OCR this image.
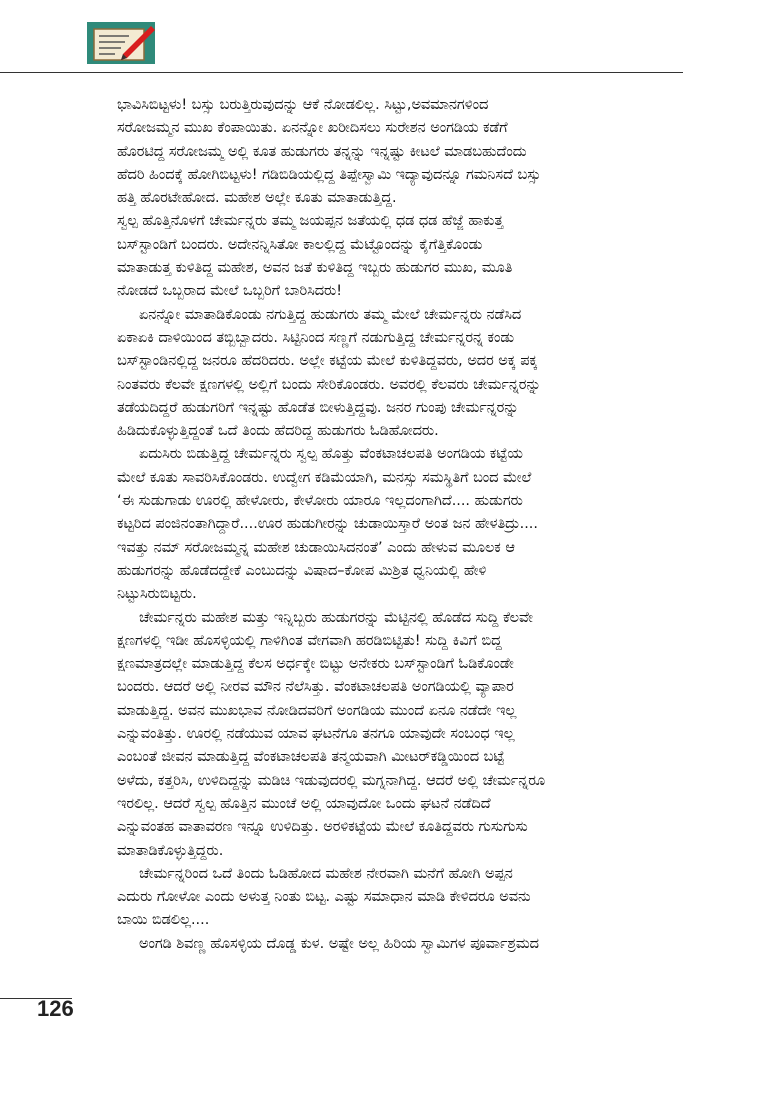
ಭಾವಿಸಿಬಿಟ್ಟಳು! ಬಸ್ಸು ಬರುತ್ತಿರುವುದನ್ನು ಆಕೆ ನೋಡಲಿಲ್ಲ. ಸಿಟ್ಟು,ಅವಮಾನಗಳಿಂದ
ಸರೋಜಮ್ಮನ ಮುಖ ಕೆಂಪಾಯಿತು. ಏನನ್ನೋ ಖರೀದಿಸಲು ಸುರೇಶನ ಅಂಗಡಿಯ ಕಡೆಗೆ
ಹೊರಟಿದ್ದ ಸರೋಜಮ್ಮ ಅಲ್ಲಿ ಕೂತ ಹುಡುಗರು ತನ್ನನ್ನು ಇನ್ನಷ್ಟು ಕೀಟಲೆ ಮಾಡಬಹುದೆಂದು
ಹೆದರಿ ಹಿಂದಕ್ಕೆ ಹೋಗಿಬಿಟ್ಟಳು! ಗಡಿಬಿಡಿಯಲ್ಲಿದ್ದ ತಿಪ್ಪೇಸ್ವಾಮಿ ಇದ್ಯಾವುದನ್ನೂ ಗಮನಿಸದೆ ಬಸ್ಸು
ಹತ್ತಿ ಹೊರಟೇಹೋದ. ಮಹೇಶ ಅಲ್ಲೇ ಕೂತು ಮಾತಾಡುತ್ತಿದ್ದ.
ಸ್ವಲ್ಪ ಹೊತ್ತಿನೊಳಗೆ ಚೇರ್ಮನ್ನರು ತಮ್ಮ ಜಯಪ್ಪನ ಜತೆಯಲ್ಲಿ ಧಡ ಧಡ ಹೆಜ್ಜೆ ಹಾಕುತ್ತ
ಬಸ್‌ಸ್ಟಾಂಡಿಗೆ ಬಂದರು. ಅದೇನನ್ನಿಸಿತೋ ಕಾಲಲ್ಲಿದ್ದ ಮೆಟ್ಟೊಂದನ್ನು ಕೈಗೆತ್ತಿಕೊಂಡು
ಮಾತಾಡುತ್ತ ಕುಳಿತಿದ್ದ ಮಹೇಶ, ಅವನ ಜತೆ ಕುಳಿತಿದ್ದ ಇಬ್ಬರು ಹುಡುಗರ ಮುಖ, ಮೂತಿ
ನೋಡದೆ ಒಬ್ಬರಾದ ಮೇಲೆ ಒಬ್ಬರಿಗೆ ಬಾರಿಸಿದರು!
ಏನನ್ನೋ ಮಾತಾಡಿಕೊಂಡು ನಗುತ್ತಿದ್ದ ಹುಡುಗರು ತಮ್ಮ ಮೇಲೆ ಚೇರ್ಮನ್ನರು ನಡೆಸಿದ
ಏಕಾಏಕಿ ದಾಳಿಯಿಂದ ತಬ್ಬಿಬ್ಬಾದರು. ಸಿಟ್ಟಿನಿಂದ ಸಣ್ಣಗೆ ನಡುಗುತ್ತಿದ್ದ ಚೇರ್ಮನ್ನರನ್ನ ಕಂಡು
ಬಸ್‌ಸ್ಟಾಂಡಿನಲ್ಲಿದ್ದ ಜನರೂ ಹೆದರಿದರು. ಅಲ್ಲೇ ಕಟ್ಟೆಯ ಮೇಲೆ ಕುಳಿತಿದ್ದವರು, ಅದರ ಅಕ್ಕ ಪಕ್ಕ
ನಿಂತವರು ಕೆಲವೇ ಕ್ಷಣಗಳಲ್ಲಿ ಅಲ್ಲಿಗೆ ಬಂದು ಸೇರಿಕೊಂಡರು. ಅವರಲ್ಲಿ ಕೆಲವರು ಚೇರ್ಮನ್ನರನ್ನು
ತಡೆಯದಿದ್ದರೆ ಹುಡುಗರಿಗೆ ಇನ್ನಷ್ಟು ಹೊಡೆತ ಬೀಳುತ್ತಿದ್ದವು. ಜನರ ಗುಂಪು ಚೇರ್ಮನ್ನರನ್ನು
ಹಿಡಿದುಕೊಳ್ಳುತ್ತಿದ್ದಂತೆ ಒದೆ ತಿಂದು ಹೆದರಿದ್ದ ಹುಡುಗರು ಓಡಿಹೋದರು.
ಏದುಸಿರು ಬಿಡುತ್ತಿದ್ದ ಚೇರ್ಮನ್ನರು ಸ್ವಲ್ಪ ಹೊತ್ತು ವೆಂಕಟಾಚಲಪತಿ ಅಂಗಡಿಯ ಕಟ್ಟೆಯ
ಮೇಲೆ ಕೂತು ಸಾವರಿಸಿಕೊಂಡರು. ಉದ್ವೇಗ ಕಡಿಮೆಯಾಗಿ, ಮನಸ್ಸು ಸಮಸ್ಥಿತಿಗೆ ಬಂದ ಮೇಲೆ
‘ಈ ಸುಡುಗಾಡು ಊರಲ್ಲಿ ಹೇಳೋರು, ಕೇಳೋರು ಯಾರೂ ಇಲ್ಲದಂಗಾಗಿದೆ.... ಹುಡುಗರು
ಕಟ್ಟರಿದ ಪಂಜಿನಂತಾಗಿದ್ದಾರೆ....ಊರ ಹುಡುಗೀರನ್ನು ಚುಡಾಯಿಸ್ತಾರೆ ಅಂತ ಜನ ಹೇಳತಿದ್ರು....
ಇವತ್ತು ನಮ್ ಸರೋಜಮ್ಮನ್ನ ಮಹೇಶ ಚುಡಾಯಿಸಿದನಂತೆ’ ಎಂದು ಹೇಳುವ ಮೂಲಕ ಆ
ಹುಡುಗರನ್ನು ಹೊಡೆದದ್ದೇಕೆ ಎಂಬುದನ್ನು ವಿಷಾದ–ಕೋಪ ಮಿಶ್ರಿತ ಧ್ವನಿಯಲ್ಲಿ ಹೇಳಿ
ನಿಟ್ಟುಸಿರುಬಿಟ್ಟರು.
ಚೇರ್ಮನ್ನರು ಮಹೇಶ ಮತ್ತು ಇನ್ನಿಬ್ಬರು ಹುಡುಗರನ್ನು ಮೆಟ್ಟಿನಲ್ಲಿ ಹೊಡೆದ ಸುದ್ದಿ ಕೆಲವೇ
ಕ್ಷಣಗಳಲ್ಲಿ ಇಡೀ ಹೊಸಳ್ಳಿಯಲ್ಲಿ ಗಾಳಿಗಿಂತ ವೇಗವಾಗಿ ಹರಡಿಬಿಟ್ಟಿತು! ಸುದ್ದಿ ಕಿವಿಗೆ ಬಿದ್ದ
ಕ್ಷಣಮಾತ್ರದಲ್ಲೇ ಮಾಡುತ್ತಿದ್ದ ಕೆಲಸ ಅರ್ಧಕ್ಕೇ ಬಿಟ್ಟು ಅನೇಕರು ಬಸ್‌ಸ್ಟಾಂಡಿಗೆ ಓಡಿಕೊಂಡೇ
ಬಂದರು. ಆದರೆ ಅಲ್ಲಿ ನೀರವ ಮೌನ ನೆಲೆಸಿತ್ತು. ವೆಂಕಟಾಚಲಪತಿ ಅಂಗಡಿಯಲ್ಲಿ ವ್ಯಾಪಾರ
ಮಾಡುತ್ತಿದ್ದ. ಅವನ ಮುಖಭಾವ ನೋಡಿದವರಿಗೆ ಅಂಗಡಿಯ ಮುಂದೆ ಏನೂ ನಡೆದೇ ಇಲ್ಲ
ಎನ್ನುವಂತಿತ್ತು. ಊರಲ್ಲಿ ನಡೆಯುವ ಯಾವ ಘಟನೆಗೂ ತನಗೂ ಯಾವುದೇ ಸಂಬಂಧ ಇಲ್ಲ
ಎಂಬಂತೆ ಜೀವನ ಮಾಡುತ್ತಿದ್ದ ವೆಂಕಟಾಚಲಪತಿ ತನ್ಮಯವಾಗಿ ಮೀಟರ್‌ಕಡ್ಡಿಯಿಂದ ಬಟ್ಟೆ
ಅಳೆದು, ಕತ್ತರಿಸಿ, ಉಳಿದಿದ್ದನ್ನು ಮಡಿಚಿ ಇಡುವುದರಲ್ಲಿ ಮಗ್ನನಾಗಿದ್ದ. ಆದರೆ ಅಲ್ಲಿ ಚೇರ್ಮನ್ನರೂ
ಇರಲಿಲ್ಲ. ಆದರೆ ಸ್ವಲ್ಪ ಹೊತ್ತಿನ ಮುಂಚೆ ಅಲ್ಲಿ ಯಾವುದೋ ಒಂದು ಘಟನೆ ನಡೆದಿದೆ
ಎನ್ನುವಂತಹ ವಾತಾವರಣ ಇನ್ನೂ ಉಳಿದಿತ್ತು. ಅರಳಿಕಟ್ಟೆಯ ಮೇಲೆ ಕೂತಿದ್ದವರು ಗುಸುಗುಸು
ಮಾತಾಡಿಕೊಳ್ಳುತ್ತಿದ್ದರು.
ಚೇರ್ಮನ್ನರಿಂದ ಒದೆ ತಿಂದು ಓಡಿಹೋದ ಮಹೇಶ ನೇರವಾಗಿ ಮನೆಗೆ ಹೋಗಿ ಅಪ್ಪನ
ಎದುರು ಗೋಳೋ ಎಂದು ಅಳುತ್ತ ನಿಂತು ಬಿಟ್ಟ. ಎಷ್ಟು ಸಮಾಧಾನ ಮಾಡಿ ಕೇಳಿದರೂ ಅವನು
ಬಾಯಿ ಬಿಡಲಿಲ್ಲ....
ಅಂಗಡಿ ಶಿವಣ್ಣ ಹೊಸಳ್ಳಿಯ ದೊಡ್ಡ ಕುಳ. ಅಷ್ಟೇ ಅಲ್ಲ ಹಿರಿಯ ಸ್ವಾಮಿಗಳ ಪೂರ್ವಾಶ್ರಮದ
126
